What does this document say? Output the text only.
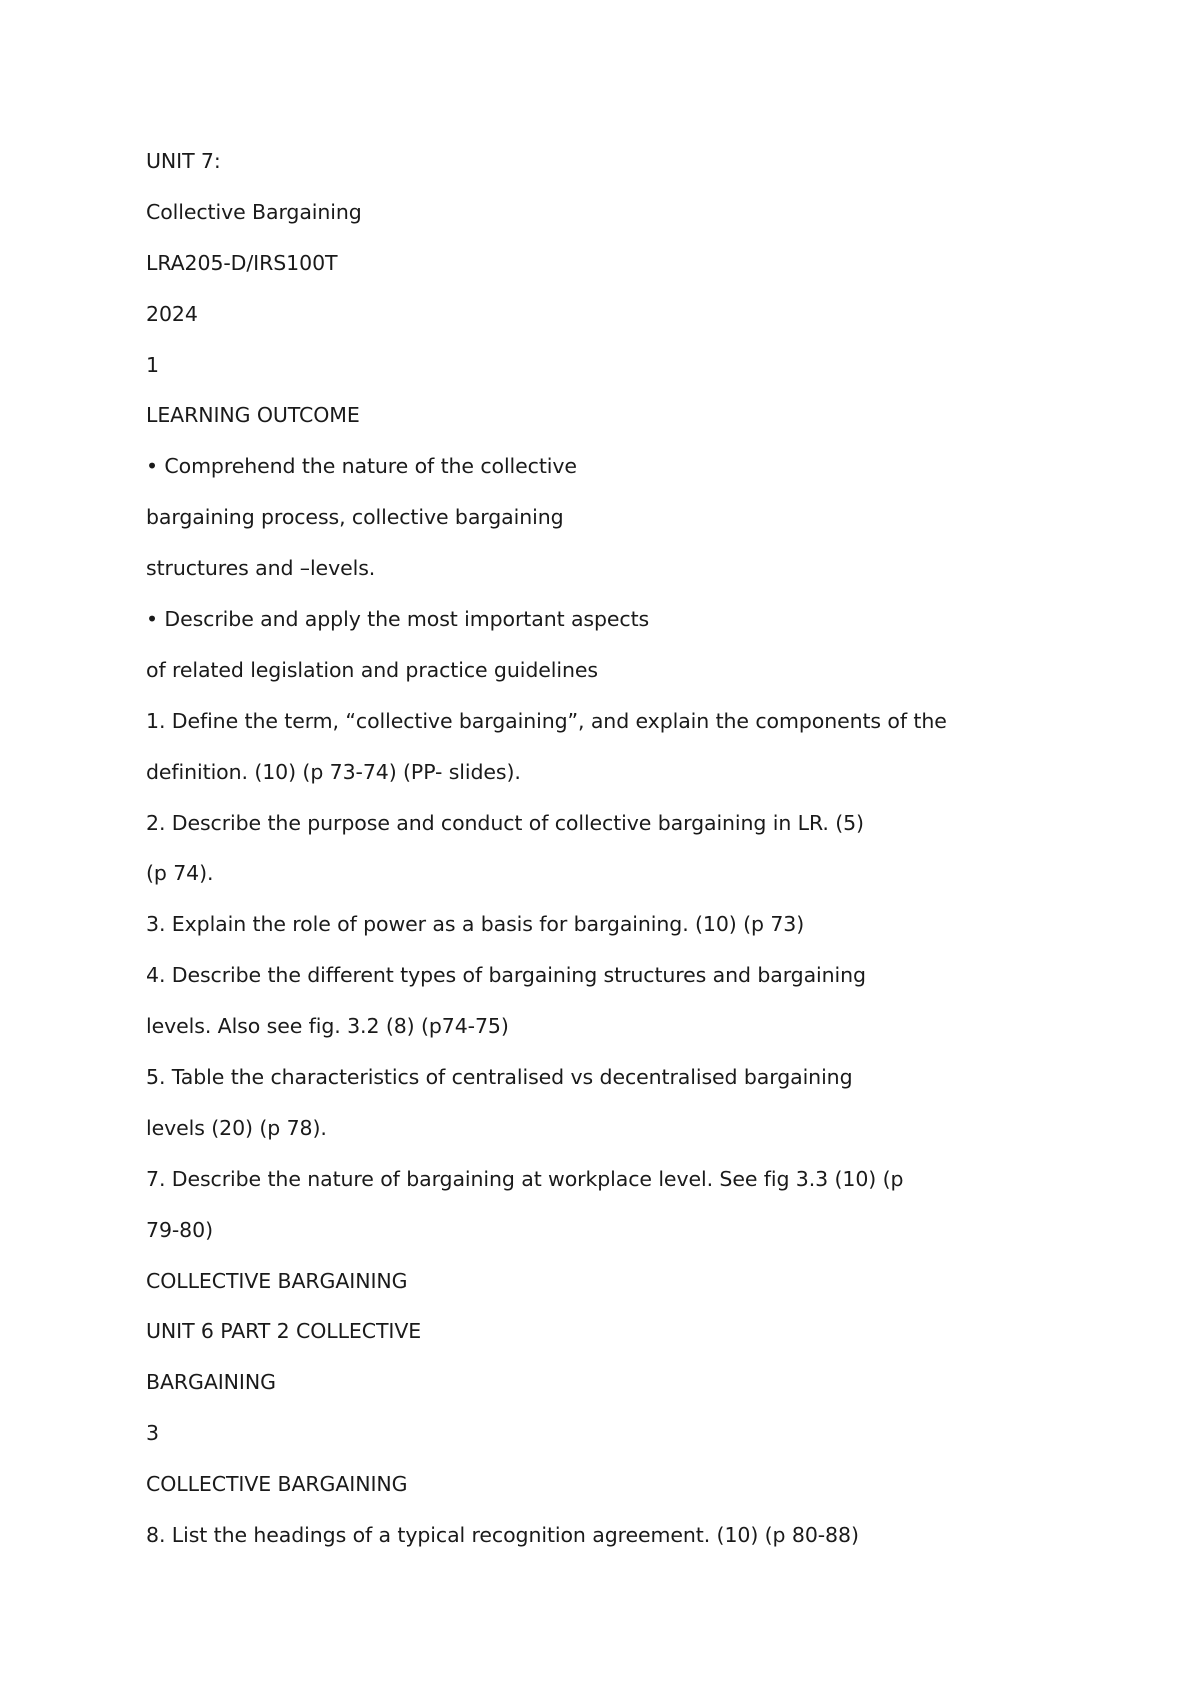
UNIT 7:
Collective Bargaining
LRA205-D/IRS100T
2024
1
LEARNING OUTCOME
• Comprehend the nature of the collective
bargaining process, collective bargaining
structures and –levels.
• Describe and apply the most important aspects
of related legislation and practice guidelines
1. Define the term, “collective bargaining”, and explain the components of the
definition. (10) (p 73-74) (PP- slides).
2. Describe the purpose and conduct of collective bargaining in LR. (5)
(p 74).
3. Explain the role of power as a basis for bargaining. (10) (p 73)
4. Describe the different types of bargaining structures and bargaining
levels. Also see fig. 3.2 (8) (p74-75)
5. Table the characteristics of centralised vs decentralised bargaining
levels (20) (p 78).
7. Describe the nature of bargaining at workplace level. See fig 3.3 (10) (p
79-80)
COLLECTIVE BARGAINING
UNIT 6 PART 2 COLLECTIVE
BARGAINING
3
COLLECTIVE BARGAINING
8. List the headings of a typical recognition agreement. (10) (p 80-88)
